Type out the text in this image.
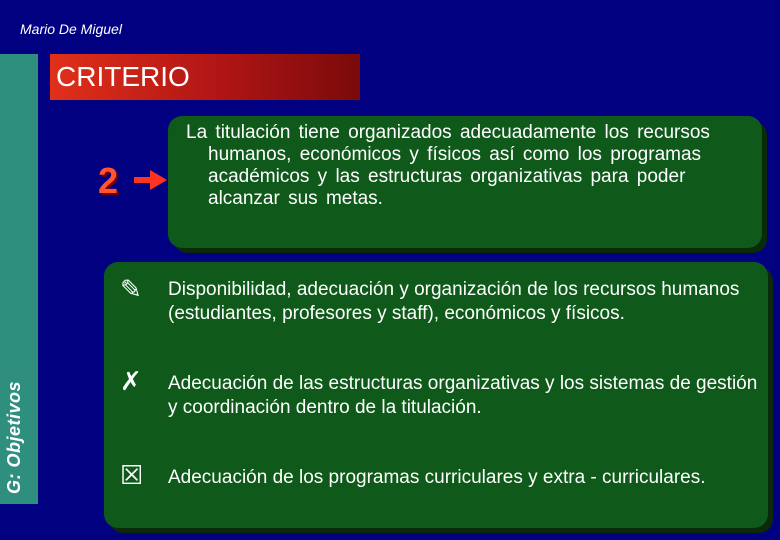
Mario De Miguel
G: Objetivos
CRITERIO
2
La titulación tiene organizados adecuadamente los recursos humanos, económicos y físicos así como los programas académicos y las estructuras organizativas para poder alcanzar sus metas.
✎ Disponibilidad, adecuación y organización de los recursos humanos (estudiantes, profesores y staff), económicos y físicos.
✗ Adecuación de las estructuras organizativas y los sistemas de gestión y coordinación dentro de la titulación.
☒ Adecuación de los programas curriculares y extra - curriculares.
